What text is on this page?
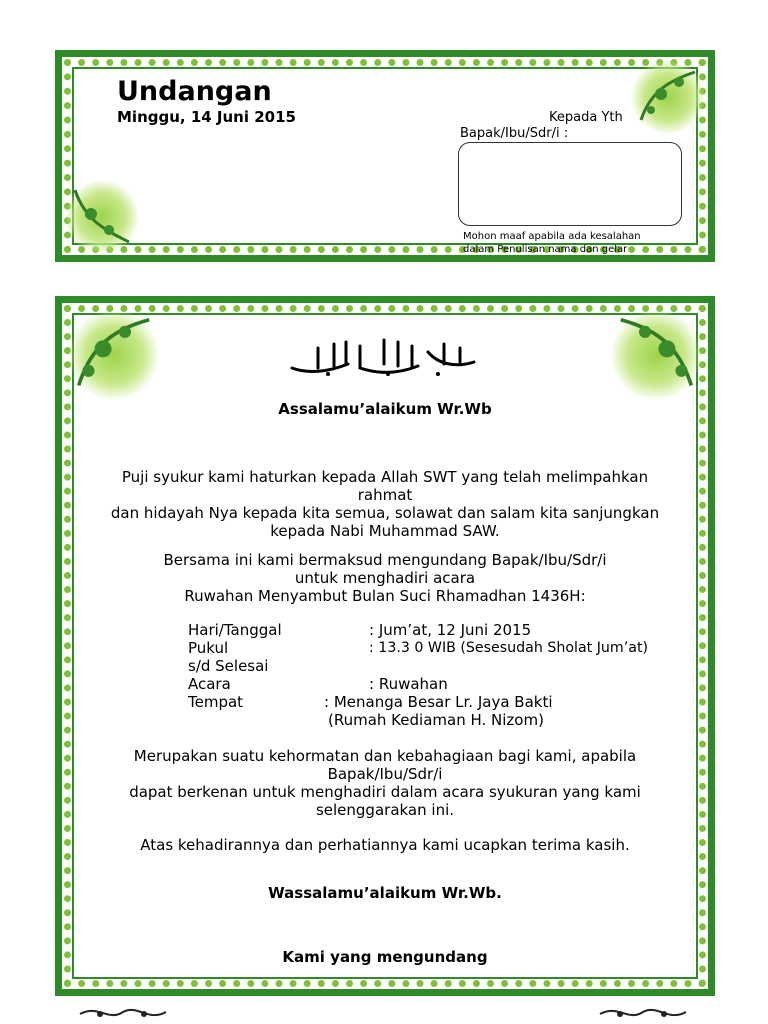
Undangan
Minggu, 14 Juni 2015	Kepada Yth
Bapak/Ibu/Sdr/i :
Mohon maaf apabila ada kesalahan dalam Penulisan nama dan gelar
Assalamu’alaikum Wr.Wb
Puji syukur kami haturkan kepada Allah SWT yang telah melimpahkan
rahmat
dan hidayah Nya kepada kita semua, solawat dan salam kita sanjungkan
kepada Nabi Muhammad SAW.
Bersama ini kami bermaksud mengundang Bapak/Ibu/Sdr/i
untuk menghadiri acara
Ruwahan Menyambut Bulan Suci Rhamadhan 1436H:
Hari/Tanggal	: Jum’at, 12 Juni 2015
Pukul	: 13.3 0 WIB (Sesesudah Sholat Jum’at)
s/d Selesai
Acara	: Ruwahan
Tempat	: Menanga Besar Lr. Jaya Bakti
(Rumah Kediaman H. Nizom)
Merupakan suatu kehormatan dan kebahagiaan bagi kami, apabila
Bapak/Ibu/Sdr/i
dapat berkenan untuk menghadiri dalam acara syukuran yang kami
selenggarakan ini.
Atas kehadirannya dan perhatiannya kami ucapkan terima kasih.
Wassalamu’alaikum Wr.Wb.
Kami yang mengundang
